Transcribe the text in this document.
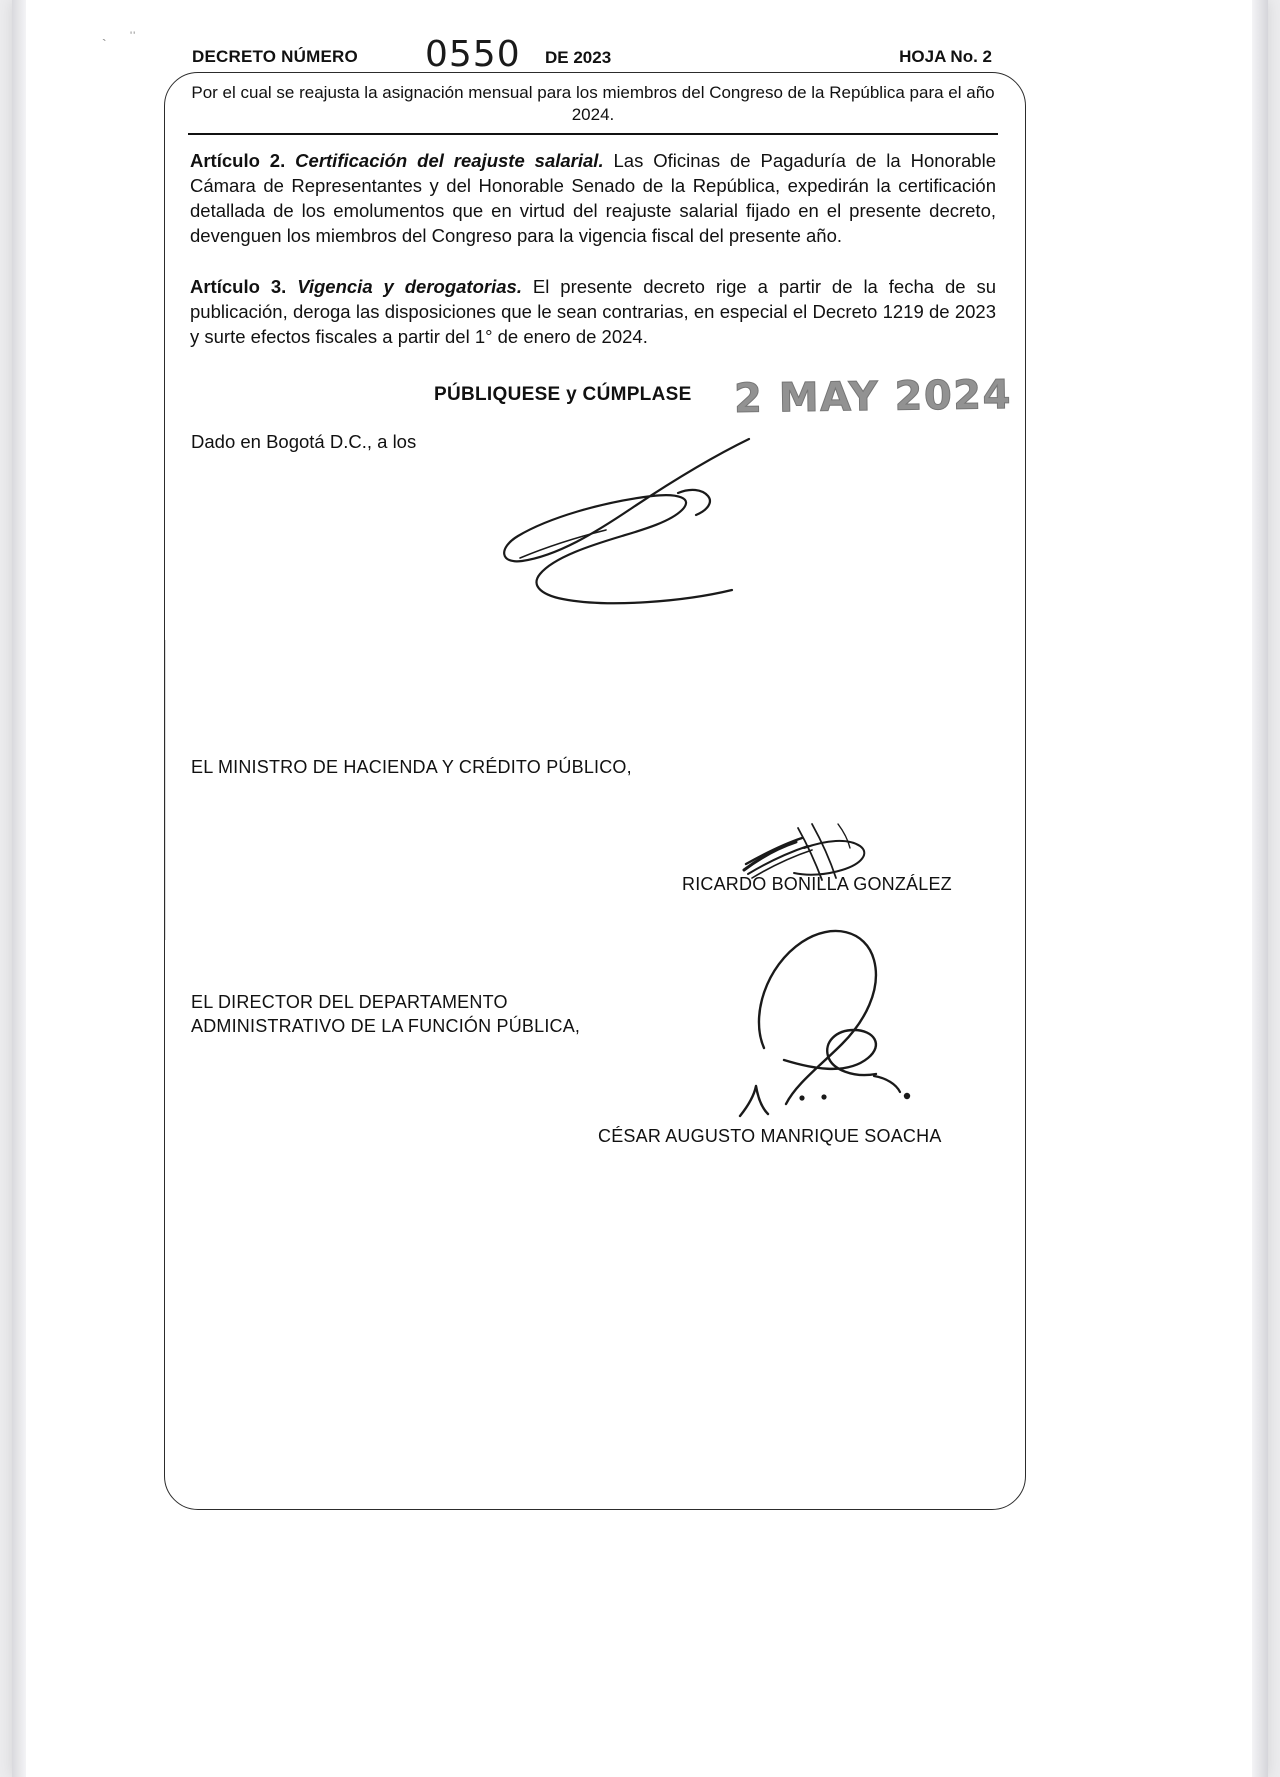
''
`
DECRETO NÚMERO 0550 DE 2023	HOJA No. 2
Por el cual se reajusta la asignación mensual para los miembros del Congreso de la República para el año 2024.

Artículo 2. Certificación del reajuste salarial. Las Oficinas de Pagaduría de la Honorable Cámara de Representantes y del Honorable Senado de la República, expedirán la certificación detallada de los emolumentos que en virtud del reajuste salarial fijado en el presente decreto, devenguen los miembros del Congreso para la vigencia fiscal del presente año.

Artículo 3. Vigencia y derogatorias. El presente decreto rige a partir de la fecha de su publicación, deroga las disposiciones que le sean contrarias, en especial el Decreto 1219 de 2023 y surte efectos fiscales a partir del 1° de enero de 2024.

PÚBLIQUESE y CÚMPLASE 2 MAY 2024
Dado en Bogotá D.C., a los
EL MINISTRO DE HACIENDA Y CRÉDITO PÚBLICO,
RICARDO BONILLA GONZÁLEZ
EL DIRECTOR DEL DEPARTAMENTO
ADMINISTRATIVO DE LA FUNCIÓN PÚBLICA,
CÉSAR AUGUSTO MANRIQUE SOACHA
